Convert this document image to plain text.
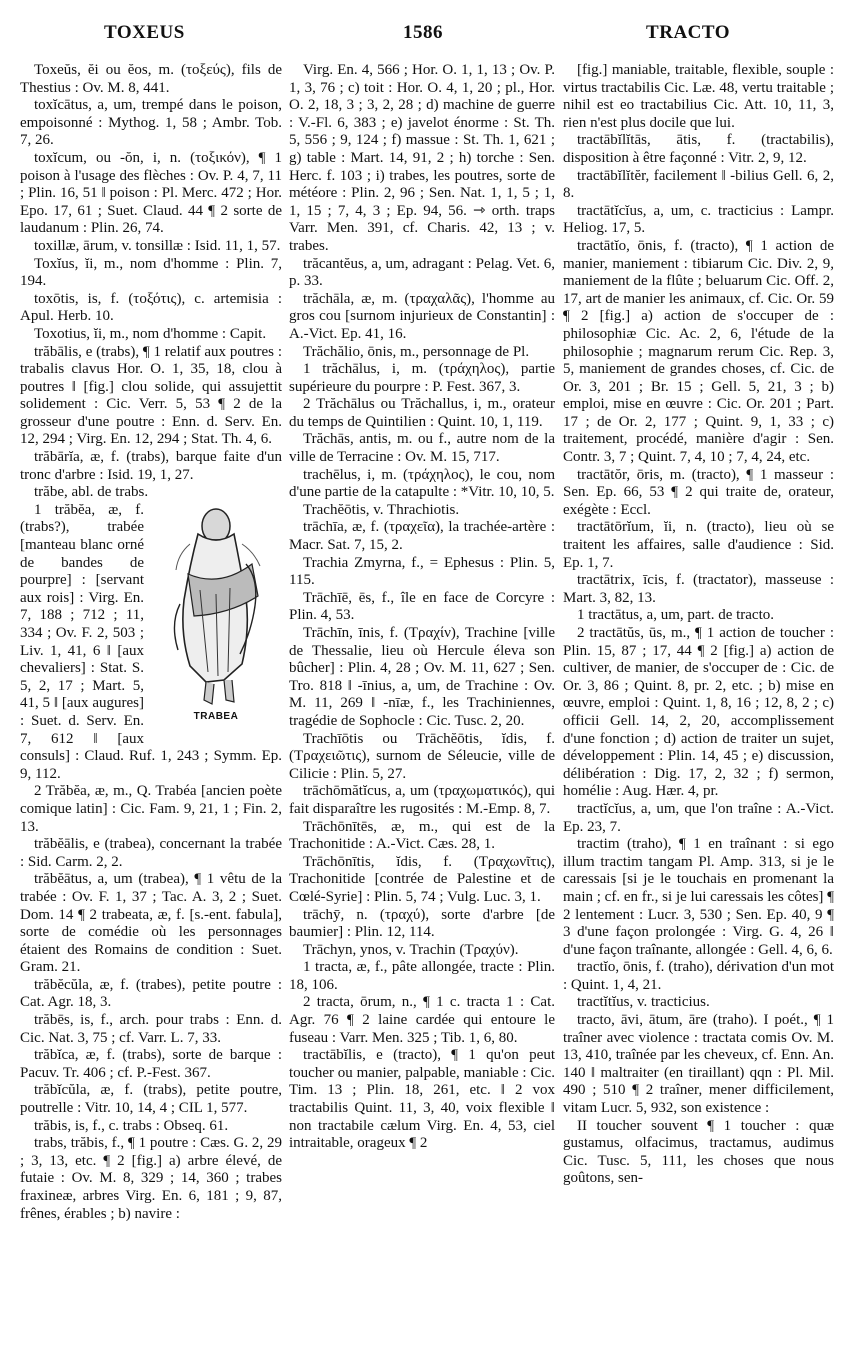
TOXEUS	1586	TRACTO

Toxeŭs, ĕi ou ĕos, m. (τοξεύς), fils de Thestius : Ov. M. 8, 441.

toxĭcātus, a, um, trempé dans le poison, empoisonné : Mythog. 1, 58 ; Ambr. Tob. 7, 26.

toxĭcum, ou -ŏn, i, n. (τοξικόν), ¶ 1 poison à l'usage des flèches : Ov. P. 4, 7, 11 ; Plin. 16, 51 ‖ poison : Pl. Merc. 472 ; Hor. Epo. 17, 61 ; Suet. Claud. 44 ¶ 2 sorte de laudanum : Plin. 26, 74.

toxillæ, ārum, v. tonsillæ : Isid. 11, 1, 57.

Toxĭus, ĭi, m., nom d'homme : Plin. 7, 194.

toxōtis, is, f. (τοξότις), c. artemisia : Apul. Herb. 10.

Toxotius, ĭi, m., nom d'homme : Capit.

trăbālis, e (trabs), ¶ 1 relatif aux poutres : trabalis clavus Hor. O. 1, 35, 18, clou à poutres ‖ [fig.] clou solide, qui assujettit solidement : Cic. Verr. 5, 53 ¶ 2 de la grosseur d'une poutre : Enn. d. Serv. En. 12, 294 ; Virg. En. 12, 294 ; Stat. Th. 4, 6.

trăbārĭa, æ, f. (trabs), barque faite d'un tronc d'arbre : Isid. 19, 1, 27.

trăbe, abl. de trabs.

TRABEA

1 trăbĕa, æ, f. (trabs?), trabée [manteau blanc orné de bandes de pourpre] : [servant aux rois] : Virg. En. 7, 188 ; 712 ; 11, 334 ; Ov. F. 2, 503 ; Liv. 1, 41, 6 ‖ [aux chevaliers] : Stat. S. 5, 2, 17 ; Mart. 5, 41, 5 ‖ [aux augures] : Suet. d. Serv. En. 7, 612 ‖ [aux consuls] : Claud. Ruf. 1, 243 ; Symm. Ep. 9, 112.

2 Trăbĕa, æ, m., Q. Trabéa [ancien poète comique latin] : Cic. Fam. 9, 21, 1 ; Fin. 2, 13.

trăbĕālis, e (trabea), concernant la trabée : Sid. Carm. 2, 2.

trăbĕātus, a, um (trabea), ¶ 1 vêtu de la trabée : Ov. F. 1, 37 ; Tac. A. 3, 2 ; Suet. Dom. 14 ¶ 2 trabeata, æ, f. [s.-ent. fabula], sorte de comédie où les personnages étaient des Romains de condition : Suet. Gram. 21.

trăbĕcŭla, æ, f. (trabes), petite poutre : Cat. Agr. 18, 3.

trăbēs, is, f., arch. pour trabs : Enn. d. Cic. Nat. 3, 75 ; cf. Varr. L. 7, 33.

trăbĭca, æ, f. (trabs), sorte de barque : Pacuv. Tr. 406 ; cf. P.-Fest. 367.

trăbĭcŭla, æ, f. (trabs), petite poutre, poutrelle : Vitr. 10, 14, 4 ; CIL 1, 577.

trăbis, is, f., c. trabs : Obseq. 61.

trabs, trăbis, f., ¶ 1 poutre : Cæs. G. 2, 29 ; 3, 13, etc. ¶ 2 [fig.] a) arbre élevé, de futaie : Ov. M. 8, 329 ; 14, 360 ; trabes fraxineæ, arbres Virg. En. 6, 181 ; 9, 87, frênes, érables ; b) navire :

Virg. En. 4, 566 ; Hor. O. 1, 1, 13 ; Ov. P. 1, 3, 76 ; c) toit : Hor. O. 4, 1, 20 ; pl., Hor. O. 2, 18, 3 ; 3, 2, 28 ; d) machine de guerre : V.-Fl. 6, 383 ; e) javelot énorme : St. Th. 5, 556 ; 9, 124 ; f) massue : St. Th. 1, 621 ; g) table : Mart. 14, 91, 2 ; h) torche : Sen. Herc. f. 103 ; i) trabes, les poutres, sorte de météore : Plin. 2, 96 ; Sen. Nat. 1, 1, 5 ; 1, 1, 15 ; 7, 4, 3 ; Ep. 94, 56. ⇾ orth. traps Varr. Men. 391, cf. Charis. 42, 13 ; v. trabes.

trăcantĕus, a, um, adragant : Pelag. Vet. 6, p. 33.

trăchāla, æ, m. (τραχαλᾶς), l'homme au gros cou [surnom injurieux de Constantin] : A.-Vict. Ep. 41, 16.

Trăchălio, ōnis, m., personnage de Pl.

1 trăchālus, i, m. (τράχηλος), partie supérieure du pourpre : P. Fest. 367, 3.

2 Trăchālus ou Trăchallus, i, m., orateur du temps de Quintilien : Quint. 10, 1, 119.

Trăchās, antis, m. ou f., autre nom de la ville de Terracine : Ov. M. 15, 717.

trachēlus, i, m. (τράχηλος), le cou, nom d'une partie de la catapulte : *Vitr. 10, 10, 5.

Trachĕōtis, v. Thrachiotis.

trāchīa, æ, f. (τραχεῖα), la trachée-artère : Macr. Sat. 7, 15, 2.

Trachia Zmyrna, f., = Ephesus : Plin. 5, 115.

Trāchīē, ēs, f., île en face de Corcyre : Plin. 4, 53.

Trāchīn, īnis, f. (Τραχίν), Trachine [ville de Thessalie, lieu où Hercule éleva son bûcher] : Plin. 4, 28 ; Ov. M. 11, 627 ; Sen. Tro. 818 ‖ -īnius, a, um, de Trachine : Ov. M. 11, 269 ‖ -nīæ, f., les Trachiniennes, tragédie de Sophocle : Cic. Tusc. 2, 20.

Trachīōtis ou Trāchĕōtis, ĭdis, f. (Τραχειῶτις), surnom de Séleucie, ville de Cilicie : Plin. 5, 27.

trāchōmătĭcus, a, um (τραχωματικός), qui fait disparaître les rugosités : M.-Emp. 8, 7.

Trāchōnītēs, æ, m., qui est de la Trachonitide : A.-Vict. Cæs. 28, 1.

Trāchōnītis, ĭdis, f. (Τραχωνῖτις), Trachonitide [contrée de Palestine et de Cœlé-Syrie] : Plin. 5, 74 ; Vulg. Luc. 3, 1.

trāchȳ, n. (τραχύ), sorte d'arbre [de baumier] : Plin. 12, 114.

Trāchyn, ynos, v. Trachin (Τραχύν).

1 tracta, æ, f., pâte allongée, tracte : Plin. 18, 106.

2 tracta, ōrum, n., ¶ 1 c. tracta 1 : Cat. Agr. 76 ¶ 2 laine cardée qui entoure le fuseau : Varr. Men. 325 ; Tib. 1, 6, 80.

tractābĭlis, e (tracto), ¶ 1 qu'on peut toucher ou manier, palpable, maniable : Cic. Tim. 13 ; Plin. 18, 261, etc. ‖ 2 vox tractabilis Quint. 11, 3, 40, voix flexible ‖ non tractabile cælum Virg. En. 4, 53, ciel intraitable, orageux ¶ 2

[fig.] maniable, traitable, flexible, souple : virtus tractabilis Cic. Læ. 48, vertu traitable ; nihil est eo tractabilius Cic. Att. 10, 11, 3, rien n'est plus docile que lui.

tractābĭlĭtās, ātis, f. (tractabilis), disposition à être façonné : Vitr. 2, 9, 12.

tractābĭlĭtĕr, facilement ‖ -bilius Gell. 6, 2, 8.

tractātĭcĭus, a, um, c. tracticius : Lampr. Heliog. 17, 5.

tractātĭo, ōnis, f. (tracto), ¶ 1 action de manier, maniement : tibiarum Cic. Div. 2, 9, maniement de la flûte ; beluarum Cic. Off. 2, 17, art de manier les animaux, cf. Cic. Or. 59 ¶ 2 [fig.] a) action de s'occuper de : philosophiæ Cic. Ac. 2, 6, l'étude de la philosophie ; magnarum rerum Cic. Rep. 3, 5, maniement de grandes choses, cf. Cic. de Or. 3, 201 ; Br. 15 ; Gell. 5, 21, 3 ; b) emploi, mise en œuvre : Cic. Or. 201 ; Part. 17 ; de Or. 2, 177 ; Quint. 9, 1, 33 ; c) traitement, procédé, manière d'agir : Sen. Contr. 3, 7 ; Quint. 7, 4, 10 ; 7, 4, 24, etc.

tractātŏr, ōris, m. (tracto), ¶ 1 masseur : Sen. Ep. 66, 53 ¶ 2 qui traite de, orateur, exégète : Eccl.

tractātōrĭum, ĭi, n. (tracto), lieu où se traitent les affaires, salle d'audience : Sid. Ep. 1, 7.

tractātrix, īcis, f. (tractator), masseuse : Mart. 3, 82, 13.

1 tractātus, a, um, part. de tracto.

2 tractātŭs, ūs, m., ¶ 1 action de toucher : Plin. 15, 87 ; 17, 44 ¶ 2 [fig.] a) action de cultiver, de manier, de s'occuper de : Cic. de Or. 3, 86 ; Quint. 8, pr. 2, etc. ; b) mise en œuvre, emploi : Quint. 1, 8, 16 ; 12, 8, 2 ; c) officii Gell. 14, 2, 20, accomplissement d'une fonction ; d) action de traiter un sujet, développement : Plin. 14, 45 ; e) discussion, délibération : Dig. 17, 2, 32 ; f) sermon, homélie : Aug. Hær. 4, pr.

tractĭcĭus, a, um, que l'on traîne : A.-Vict. Ep. 23, 7.

tractim (traho), ¶ 1 en traînant : si ego illum tractim tangam Pl. Amp. 313, si je le caressais [si je le touchais en promenant la main ; cf. en fr., si je lui caressais les côtes] ¶ 2 lentement : Lucr. 3, 530 ; Sen. Ep. 40, 9 ¶ 3 d'une façon prolongée : Virg. G. 4, 26 ‖ d'une façon traînante, allongée : Gell. 4, 6, 6.

tractĭo, ōnis, f. (traho), dérivation d'un mot : Quint. 1, 4, 21.

tractĭtĭus, v. tracticius.

tracto, āvi, ātum, āre (traho). I poét., ¶ 1 traîner avec violence : tractata comis Ov. M. 13, 410, traînée par les cheveux, cf. Enn. An. 140 ‖ maltraiter (en tiraillant) qqn : Pl. Mil. 490 ; 510 ¶ 2 traîner, mener difficilement, vitam Lucr. 5, 932, son existence :

II toucher souvent ¶ 1 toucher : quæ gustamus, olfacimus, tractamus, audimus Cic. Tusc. 5, 111, les choses que nous goûtons, sen-
